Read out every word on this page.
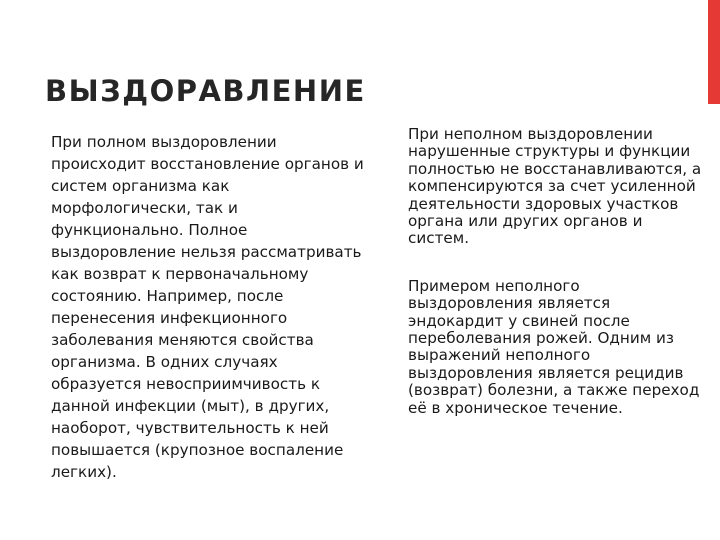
ВЫЗДОРАВЛЕНИЕ

При полном выздоровлении происходит восстановление органов и систем организма как морфологически, так и функционально. Полное выздоровление нельзя рассматривать как возврат к первоначальному состоянию. Например, после перенесения инфекционного заболевания меняются свойства организма. В одних случаях образуется невосприимчивость к данной инфекции (мыт), в других, наоборот, чувствительность к ней повышается (крупозное воспаление легких).

При неполном выздоровлении нарушенные структуры и функции полностью не восстанавливаются, а компенсируются за счет усиленной деятельности здоровых участков органа или других органов и систем.

Примером неполного выздоровления является эндокардит у свиней после переболевания рожей. Одним из выражений неполного выздоровления является рецидив (возврат) болезни, а также переход её в хроническое течение.
